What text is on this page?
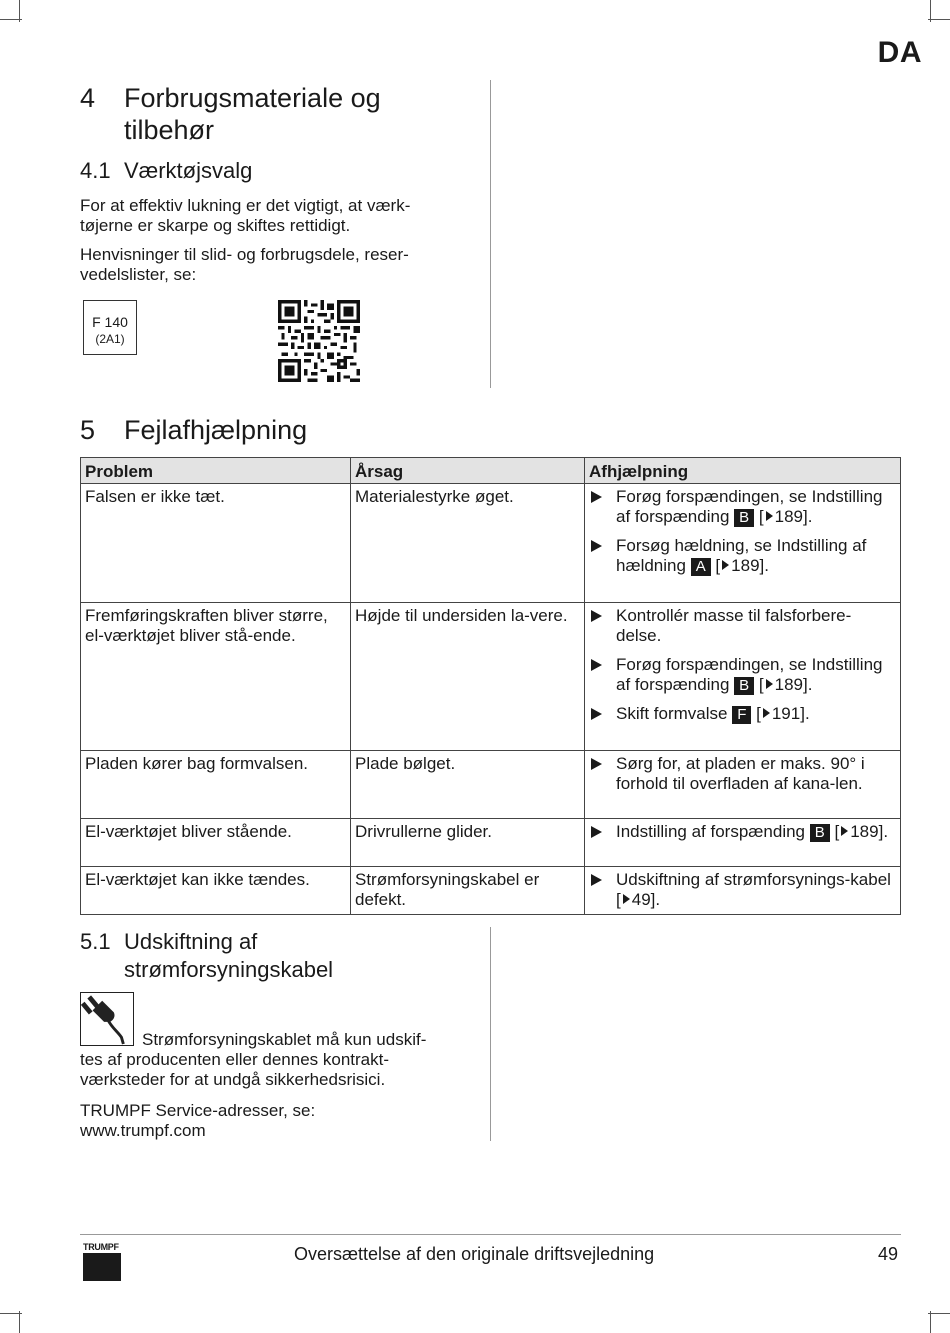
DA
4 Forbrugsmateriale og
tilbehør
4.1 Værktøjsvalg
For at effektiv lukning er det vigtigt, at værk-
tøjerne er skarpe og skiftes rettidigt.
Henvisninger til slid- og forbrugsdele, reser-
vedelslister, se:
F 140
(2A1)
5 Fejlafhjælpning
Problem	Årsag	Afhjælpning
Falsen er ikke tæt.	Materialestyrke øget.	Forøg forspændingen, se Indstilling af forspænding B [ 189].
Forsøg hældning, se Indstilling af hældning A [ 189].

Fremføringskraften bliver større, el-værktøjet bliver stå-ende.	Højde til undersiden la-vere.	Kontrollér masse til falsforbere-delse.
Forøg forspændingen, se Indstilling af forspænding B [ 189].
Skift formvalse F [ 191].

Pladen kører bag formvalsen.	Plade bølget.	Sørg for, at pladen er maks. 90° i forhold til overfladen af kana-len.

El-værktøjet bliver stående.	Drivrullerne glider.	Indstilling af forspænding B [ 189].

El-værktøjet kan ikke tændes.	Strømforsyningskabel er defekt.	Udskiftning af strømforsynings-kabel [ 49].
5.1 Udskiftning af
strømforsyningskabel
Strømforsyningskablet må kun udskif-
tes af producenten eller dennes kontrakt-
værksteder for at undgå sikkerhedsrisici.
TRUMPF Service-adresser, se:
www.trumpf.com
TRUMPF	Oversættelse af den originale driftsvejledning	49
